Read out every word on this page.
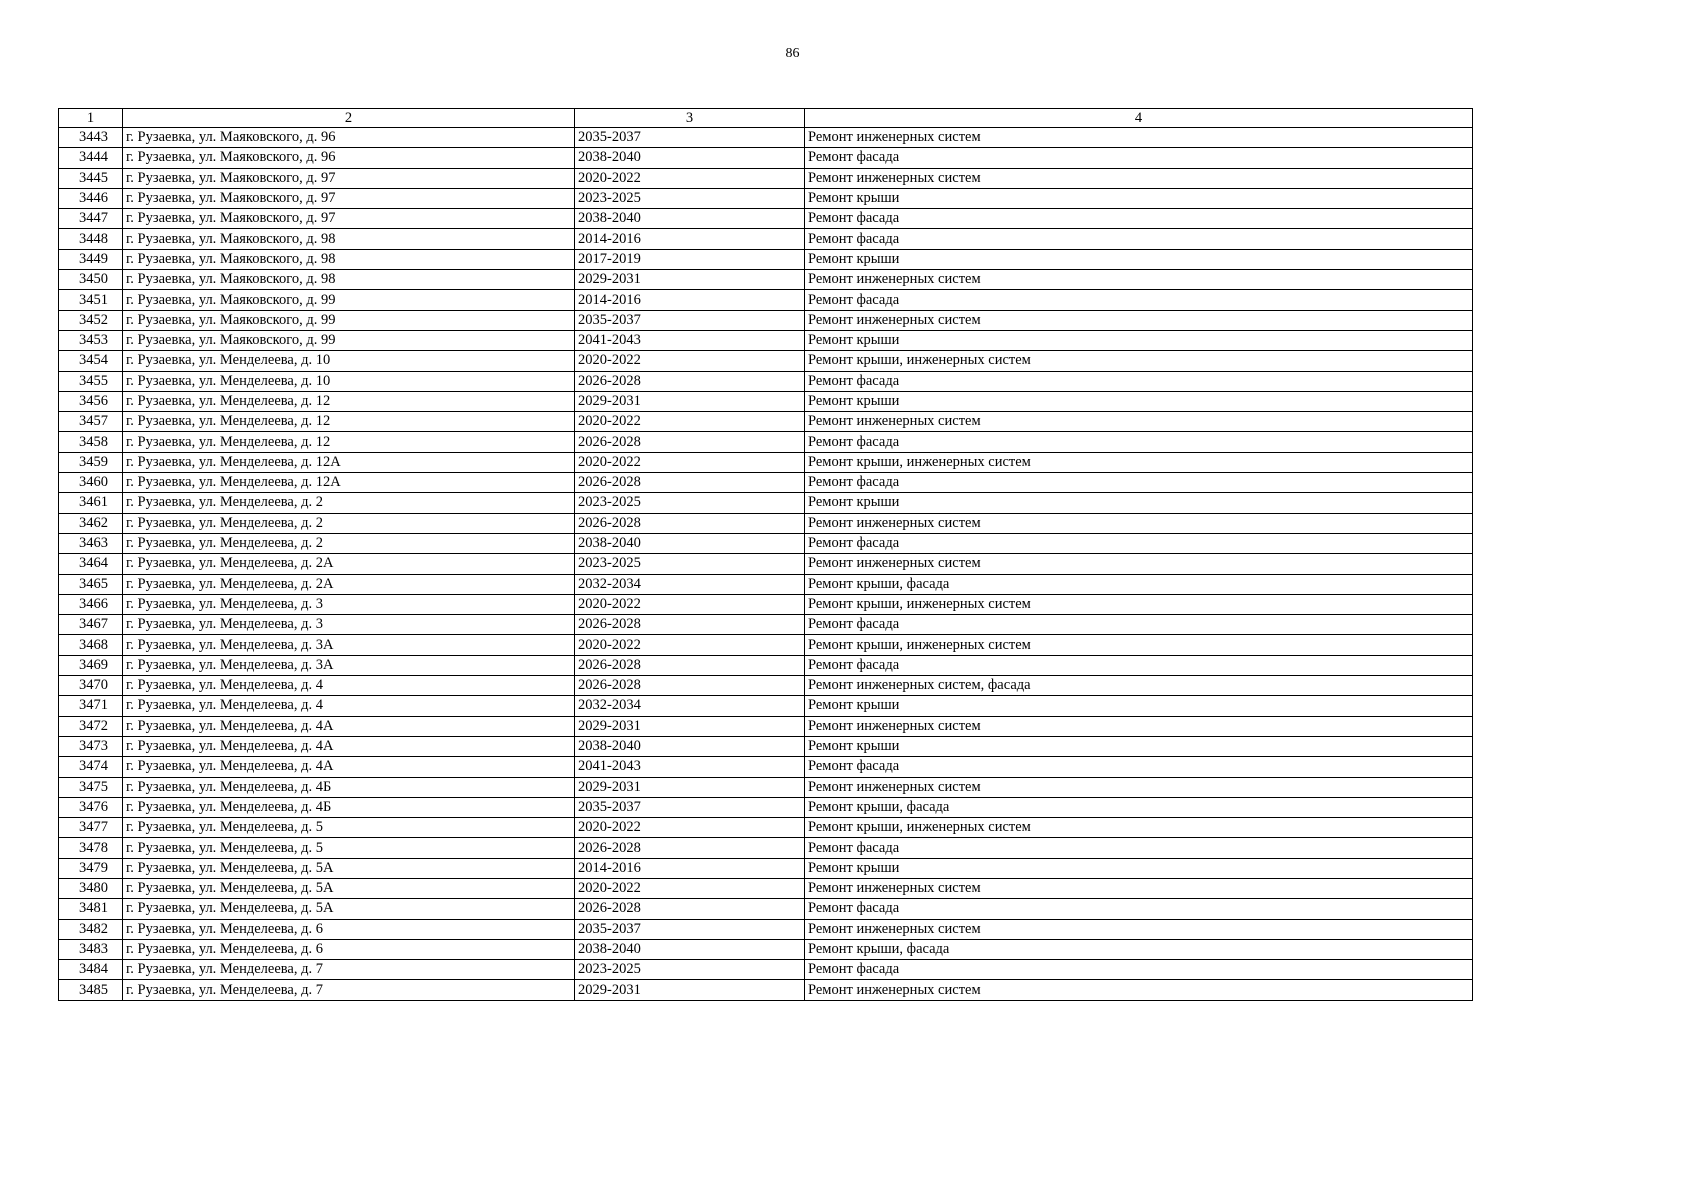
86
1	2	3	4
3443	г. Рузаевка, ул. Маяковского, д. 96	2035-2037	Ремонт инженерных систем
3444	г. Рузаевка, ул. Маяковского, д. 96	2038-2040	Ремонт фасада
3445	г. Рузаевка, ул. Маяковского, д. 97	2020-2022	Ремонт инженерных систем
3446	г. Рузаевка, ул. Маяковского, д. 97	2023-2025	Ремонт крыши
3447	г. Рузаевка, ул. Маяковского, д. 97	2038-2040	Ремонт фасада
3448	г. Рузаевка, ул. Маяковского, д. 98	2014-2016	Ремонт фасада
3449	г. Рузаевка, ул. Маяковского, д. 98	2017-2019	Ремонт крыши
3450	г. Рузаевка, ул. Маяковского, д. 98	2029-2031	Ремонт инженерных систем
3451	г. Рузаевка, ул. Маяковского, д. 99	2014-2016	Ремонт фасада
3452	г. Рузаевка, ул. Маяковского, д. 99	2035-2037	Ремонт инженерных систем
3453	г. Рузаевка, ул. Маяковского, д. 99	2041-2043	Ремонт крыши
3454	г. Рузаевка, ул. Менделеева, д. 10	2020-2022	Ремонт крыши, инженерных систем
3455	г. Рузаевка, ул. Менделеева, д. 10	2026-2028	Ремонт фасада
3456	г. Рузаевка, ул. Менделеева, д. 12	2029-2031	Ремонт крыши
3457	г. Рузаевка, ул. Менделеева, д. 12	2020-2022	Ремонт инженерных систем
3458	г. Рузаевка, ул. Менделеева, д. 12	2026-2028	Ремонт фасада
3459	г. Рузаевка, ул. Менделеева, д. 12А	2020-2022	Ремонт крыши, инженерных систем
3460	г. Рузаевка, ул. Менделеева, д. 12А	2026-2028	Ремонт фасада
3461	г. Рузаевка, ул. Менделеева, д. 2	2023-2025	Ремонт крыши
3462	г. Рузаевка, ул. Менделеева, д. 2	2026-2028	Ремонт инженерных систем
3463	г. Рузаевка, ул. Менделеева, д. 2	2038-2040	Ремонт фасада
3464	г. Рузаевка, ул. Менделеева, д. 2А	2023-2025	Ремонт инженерных систем
3465	г. Рузаевка, ул. Менделеева, д. 2А	2032-2034	Ремонт крыши, фасада
3466	г. Рузаевка, ул. Менделеева, д. 3	2020-2022	Ремонт крыши, инженерных систем
3467	г. Рузаевка, ул. Менделеева, д. 3	2026-2028	Ремонт фасада
3468	г. Рузаевка, ул. Менделеева, д. 3А	2020-2022	Ремонт крыши, инженерных систем
3469	г. Рузаевка, ул. Менделеева, д. 3А	2026-2028	Ремонт фасада
3470	г. Рузаевка, ул. Менделеева, д. 4	2026-2028	Ремонт инженерных систем, фасада
3471	г. Рузаевка, ул. Менделеева, д. 4	2032-2034	Ремонт крыши
3472	г. Рузаевка, ул. Менделеева, д. 4А	2029-2031	Ремонт инженерных систем
3473	г. Рузаевка, ул. Менделеева, д. 4А	2038-2040	Ремонт крыши
3474	г. Рузаевка, ул. Менделеева, д. 4А	2041-2043	Ремонт фасада
3475	г. Рузаевка, ул. Менделеева, д. 4Б	2029-2031	Ремонт инженерных систем
3476	г. Рузаевка, ул. Менделеева, д. 4Б	2035-2037	Ремонт крыши, фасада
3477	г. Рузаевка, ул. Менделеева, д. 5	2020-2022	Ремонт крыши, инженерных систем
3478	г. Рузаевка, ул. Менделеева, д. 5	2026-2028	Ремонт фасада
3479	г. Рузаевка, ул. Менделеева, д. 5А	2014-2016	Ремонт крыши
3480	г. Рузаевка, ул. Менделеева, д. 5А	2020-2022	Ремонт инженерных систем
3481	г. Рузаевка, ул. Менделеева, д. 5А	2026-2028	Ремонт фасада
3482	г. Рузаевка, ул. Менделеева, д. 6	2035-2037	Ремонт инженерных систем
3483	г. Рузаевка, ул. Менделеева, д. 6	2038-2040	Ремонт крыши, фасада
3484	г. Рузаевка, ул. Менделеева, д. 7	2023-2025	Ремонт фасада
3485	г. Рузаевка, ул. Менделеева, д. 7	2029-2031	Ремонт инженерных систем
